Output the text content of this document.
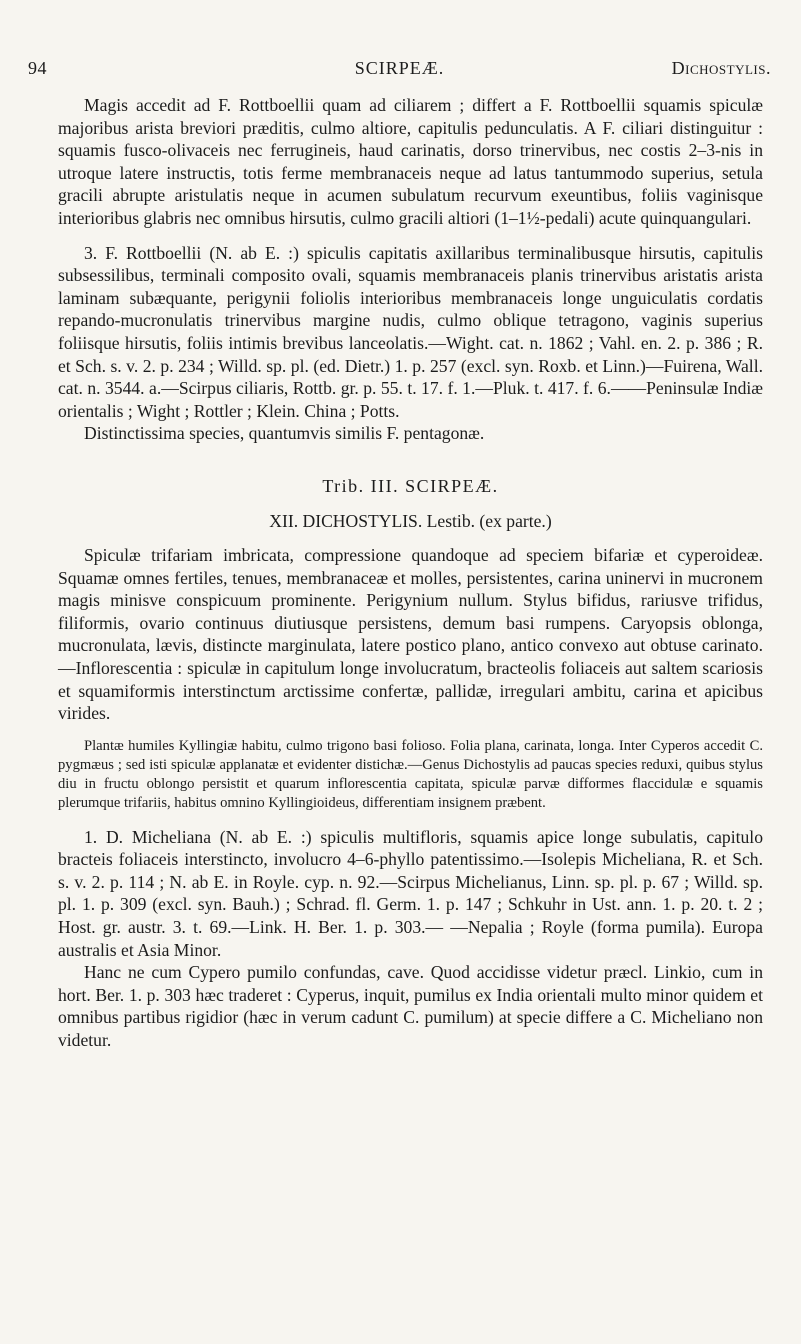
94	SCIRPEÆ.	Dichostylis.

Magis accedit ad F. Rottboellii quam ad ciliarem ; differt a F. Rottboellii squamis spiculæ majoribus arista breviori præditis, culmo altiore, capitulis pedunculatis. A F. ciliari distinguitur : squamis fusco-olivaceis nec ferrugineis, haud carinatis, dorso trinervibus, nec costis 2–3-nis in utroque latere instructis, totis ferme membranaceis neque ad latus tantummodo superius, setula gracili abrupte aristulatis neque in acumen subulatum recurvum exeuntibus, foliis vaginisque interioribus glabris nec omnibus hirsutis, culmo gracili altiori (1–1½-pedali) acute quinquangulari.

3. F. Rottboellii (N. ab E. :) spiculis capitatis axillaribus terminalibusque hirsutis, capitulis subsessilibus, terminali composito ovali, squamis membranaceis planis trinervibus aristatis arista laminam subæquante, perigynii foliolis interioribus membranaceis longe unguiculatis cordatis repando-mucronulatis trinervibus margine nudis, culmo oblique tetragono, vaginis superius foliisque hirsutis, foliis intimis brevibus lanceolatis.—Wight. cat. n. 1862 ; Vahl. en. 2. p. 386 ; R. et Sch. s. v. 2. p. 234 ; Willd. sp. pl. (ed. Dietr.) 1. p. 257 (excl. syn. Roxb. et Linn.)—Fuirena, Wall. cat. n. 3544. a.—Scirpus ciliaris, Rottb. gr. p. 55. t. 17. f. 1.—Pluk. t. 417. f. 6.——Peninsulæ Indiæ orientalis ; Wight ; Rottler ; Klein. China ; Potts.

Distinctissima species, quantumvis similis F. pentagonæ.

Trib. III. SCIRPEÆ.

XII. DICHOSTYLIS. Lestib. (ex parte.)

Spiculæ trifariam imbricata, compressione quandoque ad speciem bifariæ et cyperoideæ. Squamæ omnes fertiles, tenues, membranaceæ et molles, persistentes, carina uninervi in mucronem magis minisve conspicuum prominente. Perigynium nullum. Stylus bifidus, rariusve trifidus, filiformis, ovario continuus diutiusque persistens, demum basi rumpens. Caryopsis oblonga, mucronulata, lævis, distincte marginulata, latere postico plano, antico convexo aut obtuse carinato.—Inflorescentia : spiculæ in capitulum longe involucratum, bracteolis foliaceis aut saltem scariosis et squamiformis interstinctum arctissime confertæ, pallidæ, irregulari ambitu, carina et apicibus virides.

Plantæ humiles Kyllingiæ habitu, culmo trigono basi folioso. Folia plana, carinata, longa. Inter Cyperos accedit C. pygmæus ; sed isti spiculæ applanatæ et evidenter distichæ.—Genus Dichostylis ad paucas species reduxi, quibus stylus diu in fructu oblongo persistit et quarum inflorescentia capitata, spiculæ parvæ difformes flaccidulæ e squamis plerumque trifariis, habitus omnino Kyllingioideus, differentiam insignem præbent.

1. D. Micheliana (N. ab E. :) spiculis multifloris, squamis apice longe subulatis, capitulo bracteis foliaceis interstincto, involucro 4–6-phyllo patentissimo.—Isolepis Micheliana, R. et Sch. s. v. 2. p. 114 ; N. ab E. in Royle. cyp. n. 92.—Scirpus Michelianus, Linn. sp. pl. p. 67 ; Willd. sp. pl. 1. p. 309 (excl. syn. Bauh.) ; Schrad. fl. Germ. 1. p. 147 ; Schkuhr in Ust. ann. 1. p. 20. t. 2 ; Host. gr. austr. 3. t. 69.—Link. H. Ber. 1. p. 303.— —Nepalia ; Royle (forma pumila). Europa australis et Asia Minor.

Hanc ne cum Cypero pumilo confundas, cave. Quod accidisse videtur præcl. Linkio, cum in hort. Ber. 1. p. 303 hæc traderet : Cyperus, inquit, pumilus ex India orientali multo minor quidem et omnibus partibus rigidior (hæc in verum cadunt C. pumilum) at specie differe a C. Micheliano non videtur.
